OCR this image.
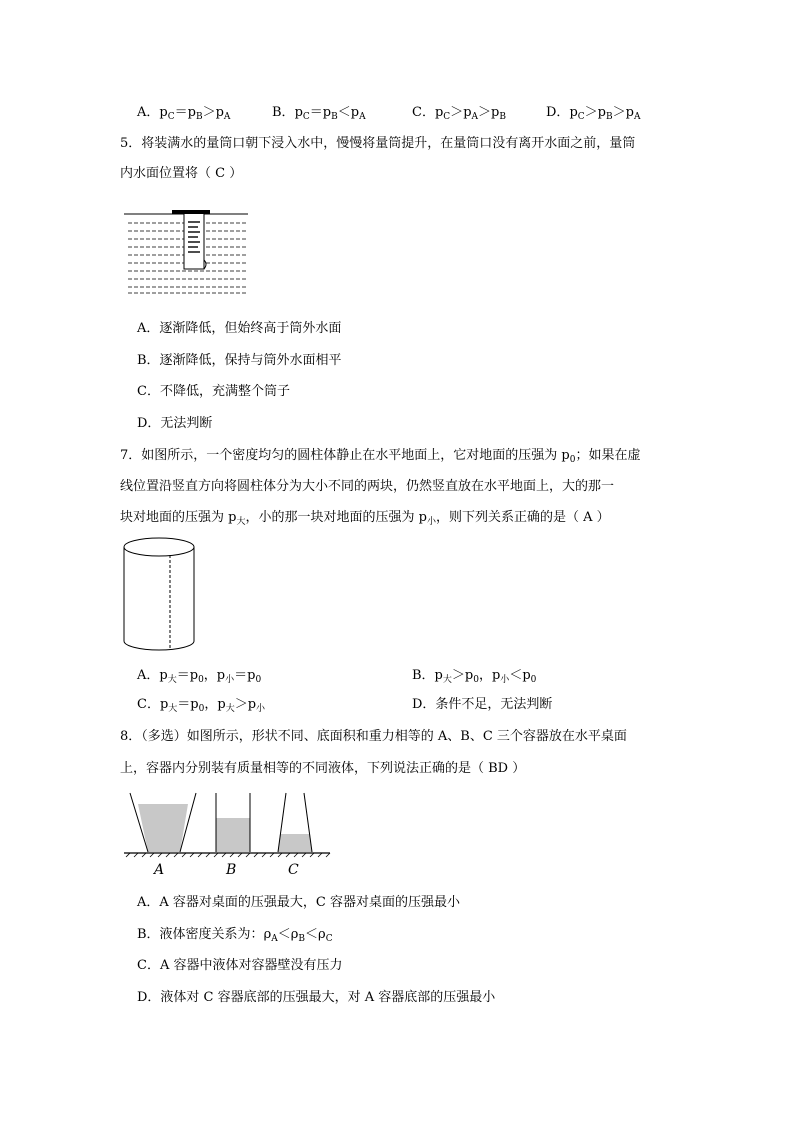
A．$p_C=p_B>p_A$	B．$p_C=p_B<p_A$	C．$p_C>p_A>p_B$	D．$p_C>p_B>p_A$
5．将装满水的量筒口朝下浸入水中，慢慢将量筒提升，在量筒口没有离开水面之前，量筒
内水面位置将（ C ）
A．逐渐降低，但始终高于筒外水面
B．逐渐降低，保持与筒外水面相平
C．不降低，充满整个筒子
D．无法判断
7．如图所示，一个密度均匀的圆柱体静止在水平地面上，它对地面的压强为 $p_0$；如果在虚
线位置沿竖直方向将圆柱体分为大小不同的两块，仍然竖直放在水平地面上，大的那一
块对地面的压强为 $p_大$，小的那一块对地面的压强为 $p_小$，则下列关系正确的是（ A ）
A．$p_大=p_0$，$p_小=p_0$	B．$p_大>p_0$，$p_小<p_0$
C．$p_大=p_0$，$p_大>p_小$	D．条件不足，无法判断
8．（多选）如图所示，形状不同、底面积和重力相等的 A、B、C 三个容器放在水平桌面
上，容器内分别装有质量相等的不同液体，下列说法正确的是（ BD ）
A	B	C
A．A 容器对桌面的压强最大，C 容器对桌面的压强最小
B．液体密度关系为：$\rho_A<\rho_B<\rho_C$
C．A 容器中液体对容器壁没有压力
D．液体对 C 容器底部的压强最大，对 A 容器底部的压强最小
